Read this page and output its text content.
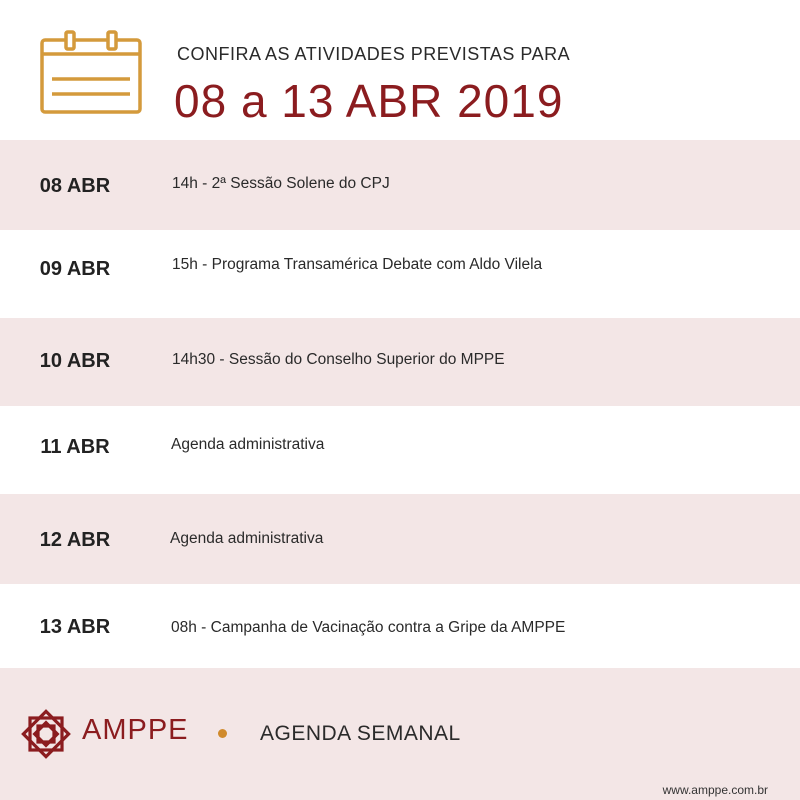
CONFIRA AS ATIVIDADES PREVISTAS PARA
08 a 13 ABR 2019
08 ABR	14h - 2ª Sessão Solene do CPJ
09 ABR	15h - Programa Transamérica Debate com Aldo Vilela
10 ABR	14h30 - Sessão do Conselho Superior do MPPE
11 ABR	Agenda administrativa
12 ABR	Agenda administrativa
13 ABR	08h - Campanha de Vacinação contra a Gripe da AMPPE
AMPPE	AGENDA SEMANAL
www.amppe.com.br
